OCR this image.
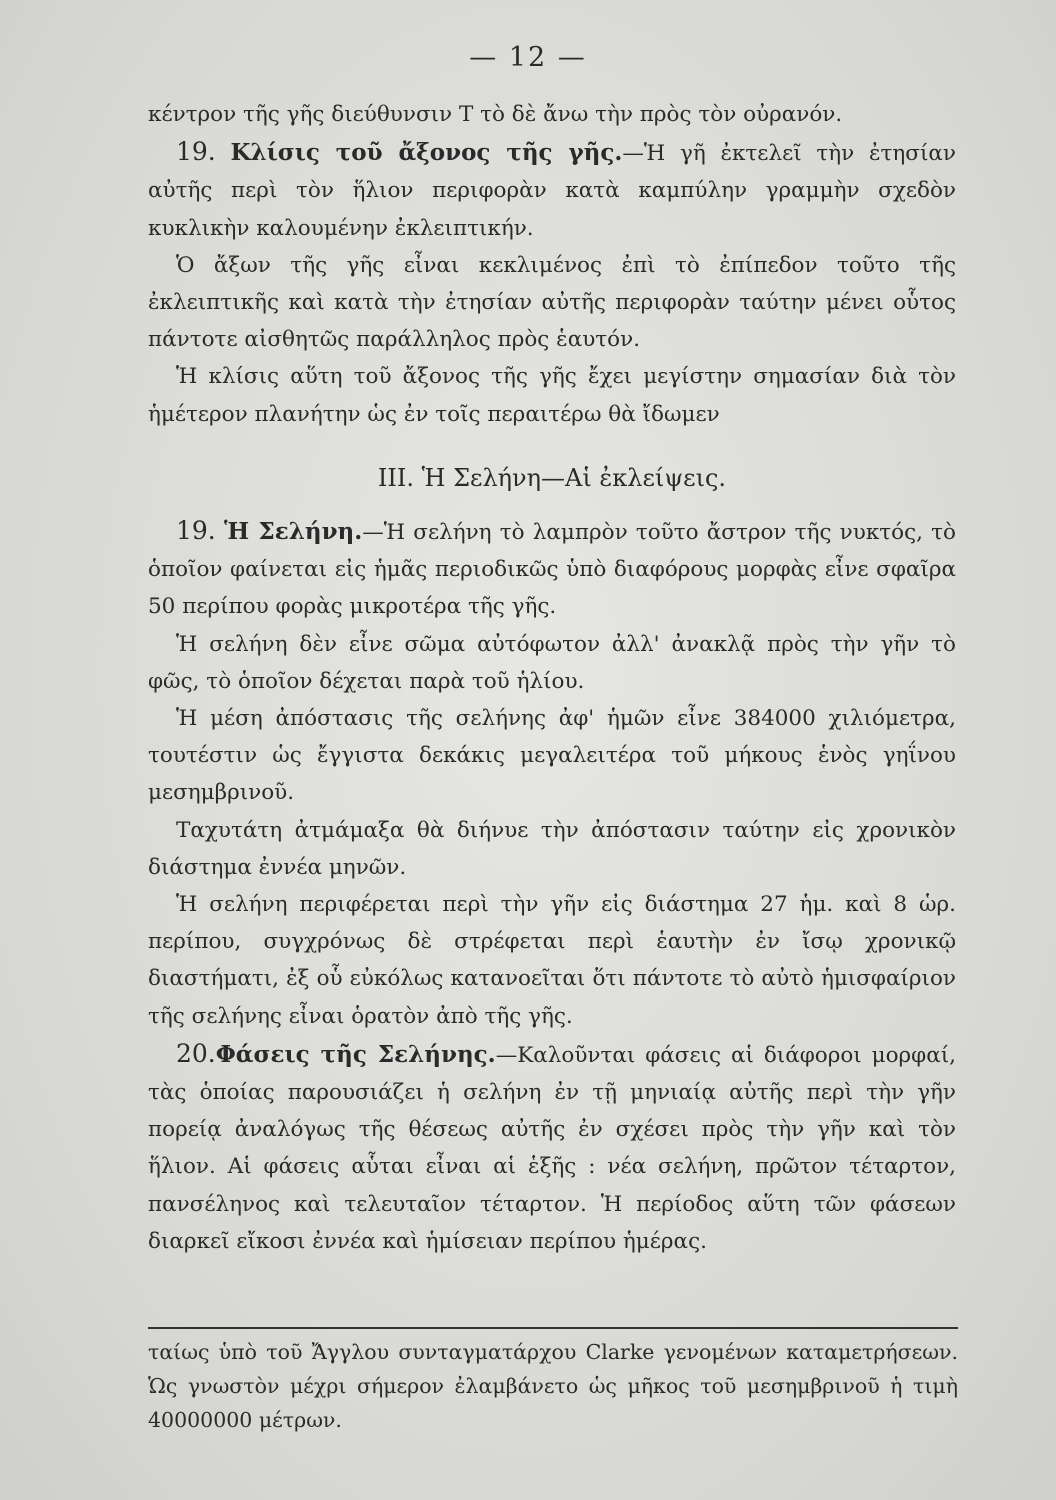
— 12 —

κέντρον τῆς γῆς διεύθυνσιν Τ τὸ δὲ ἄνω τὴν πρὸς τὸν οὐρανόν.

19. Κλίσις τοῦ ἄξονος τῆς γῆς.—Ἡ γῆ ἐκτελεῖ τὴν ἐτησίαν αὐτῆς περὶ τὸν ἥλιον περιφορὰν κατὰ καμπύλην γραμμὴν σχεδὸν κυκλικὴν καλουμένην ἐκλειπτικήν.

Ὁ ἄξων τῆς γῆς εἶναι κεκλιμένος ἐπὶ τὸ ἐπίπεδον τοῦτο τῆς ἐκλειπτικῆς καὶ κατὰ τὴν ἐτησίαν αὐτῆς περιφορὰν ταύτην μένει οὗτος πάντοτε αἰσθητῶς παράλληλος πρὸς ἑαυτόν.

Ἡ κλίσις αὕτη τοῦ ἄξονος τῆς γῆς ἔχει μεγίστην σημασίαν διὰ τὸν ἡμέτερον πλανήτην ὡς ἐν τοῖς περαιτέρω θὰ ἴδωμεν

ΙΙΙ. Ἡ Σελήνη—Αἱ ἐκλείψεις.

19. Ἡ Σελήνη.—Ἡ σελήνη τὸ λαμπρὸν τοῦτο ἄστρον τῆς νυκτός, τὸ ὁποῖον φαίνεται εἰς ἡμᾶς περιοδικῶς ὑπὸ διαφόρους μορφὰς εἶνε σφαῖρα 50 περίπου φορὰς μικροτέρα τῆς γῆς.

Ἡ σελήνη δὲν εἶνε σῶμα αὐτόφωτον ἀλλ' ἀνακλᾷ πρὸς τὴν γῆν τὸ φῶς, τὸ ὁποῖον δέχεται παρὰ τοῦ ἡλίου.

Ἡ μέση ἀπόστασις τῆς σελήνης ἀφ' ἡμῶν εἶνε 384000 χιλιόμετρα, τουτέστιν ὡς ἔγγιστα δεκάκις μεγαλειτέρα τοῦ μήκους ἑνὸς γηΐνου μεσημβρινοῦ.

Ταχυτάτη ἀτμάμαξα θὰ διήνυε τὴν ἀπόστασιν ταύτην εἰς χρονικὸν διάστημα ἐννέα μηνῶν.

Ἡ σελήνη περιφέρεται περὶ τὴν γῆν εἰς διάστημα 27 ἡμ. καὶ 8 ὡρ. περίπου, συγχρόνως δὲ στρέφεται περὶ ἑαυτὴν ἐν ἴσῳ χρονικῷ διαστήματι, ἐξ οὗ εὐκόλως κατανοεῖται ὅτι πάντοτε τὸ αὐτὸ ἡμισφαίριον τῆς σελήνης εἶναι ὁρατὸν ἀπὸ τῆς γῆς.

20.Φάσεις τῆς Σελήνης.—Καλοῦνται φάσεις αἱ διάφοροι μορφαί, τὰς ὁποίας παρουσιάζει ἡ σελήνη ἐν τῇ μηνιαίᾳ αὐτῆς περὶ τὴν γῆν πορείᾳ ἀναλόγως τῆς θέσεως αὐτῆς ἐν σχέσει πρὸς τὴν γῆν καὶ τὸν ἥλιον. Αἱ φάσεις αὗται εἶναι αἱ ἑξῆς : νέα σελήνη, πρῶτον τέταρτον, πανσέληνος καὶ τελευταῖον τέταρτον. Ἡ περίοδος αὕτη τῶν φάσεων διαρκεῖ εἴκοσι ἐννέα καὶ ἡμίσειαν περίπου ἡμέρας.

ταίως ὑπὸ τοῦ Ἄγγλου συνταγματάρχου Clarke γενομένων καταμετρήσεων. Ὡς γνωστὸν μέχρι σήμερον ἐλαμβάνετο ὡς μῆκος τοῦ μεσημβρινοῦ ἡ τιμὴ 40000000 μέτρων.
